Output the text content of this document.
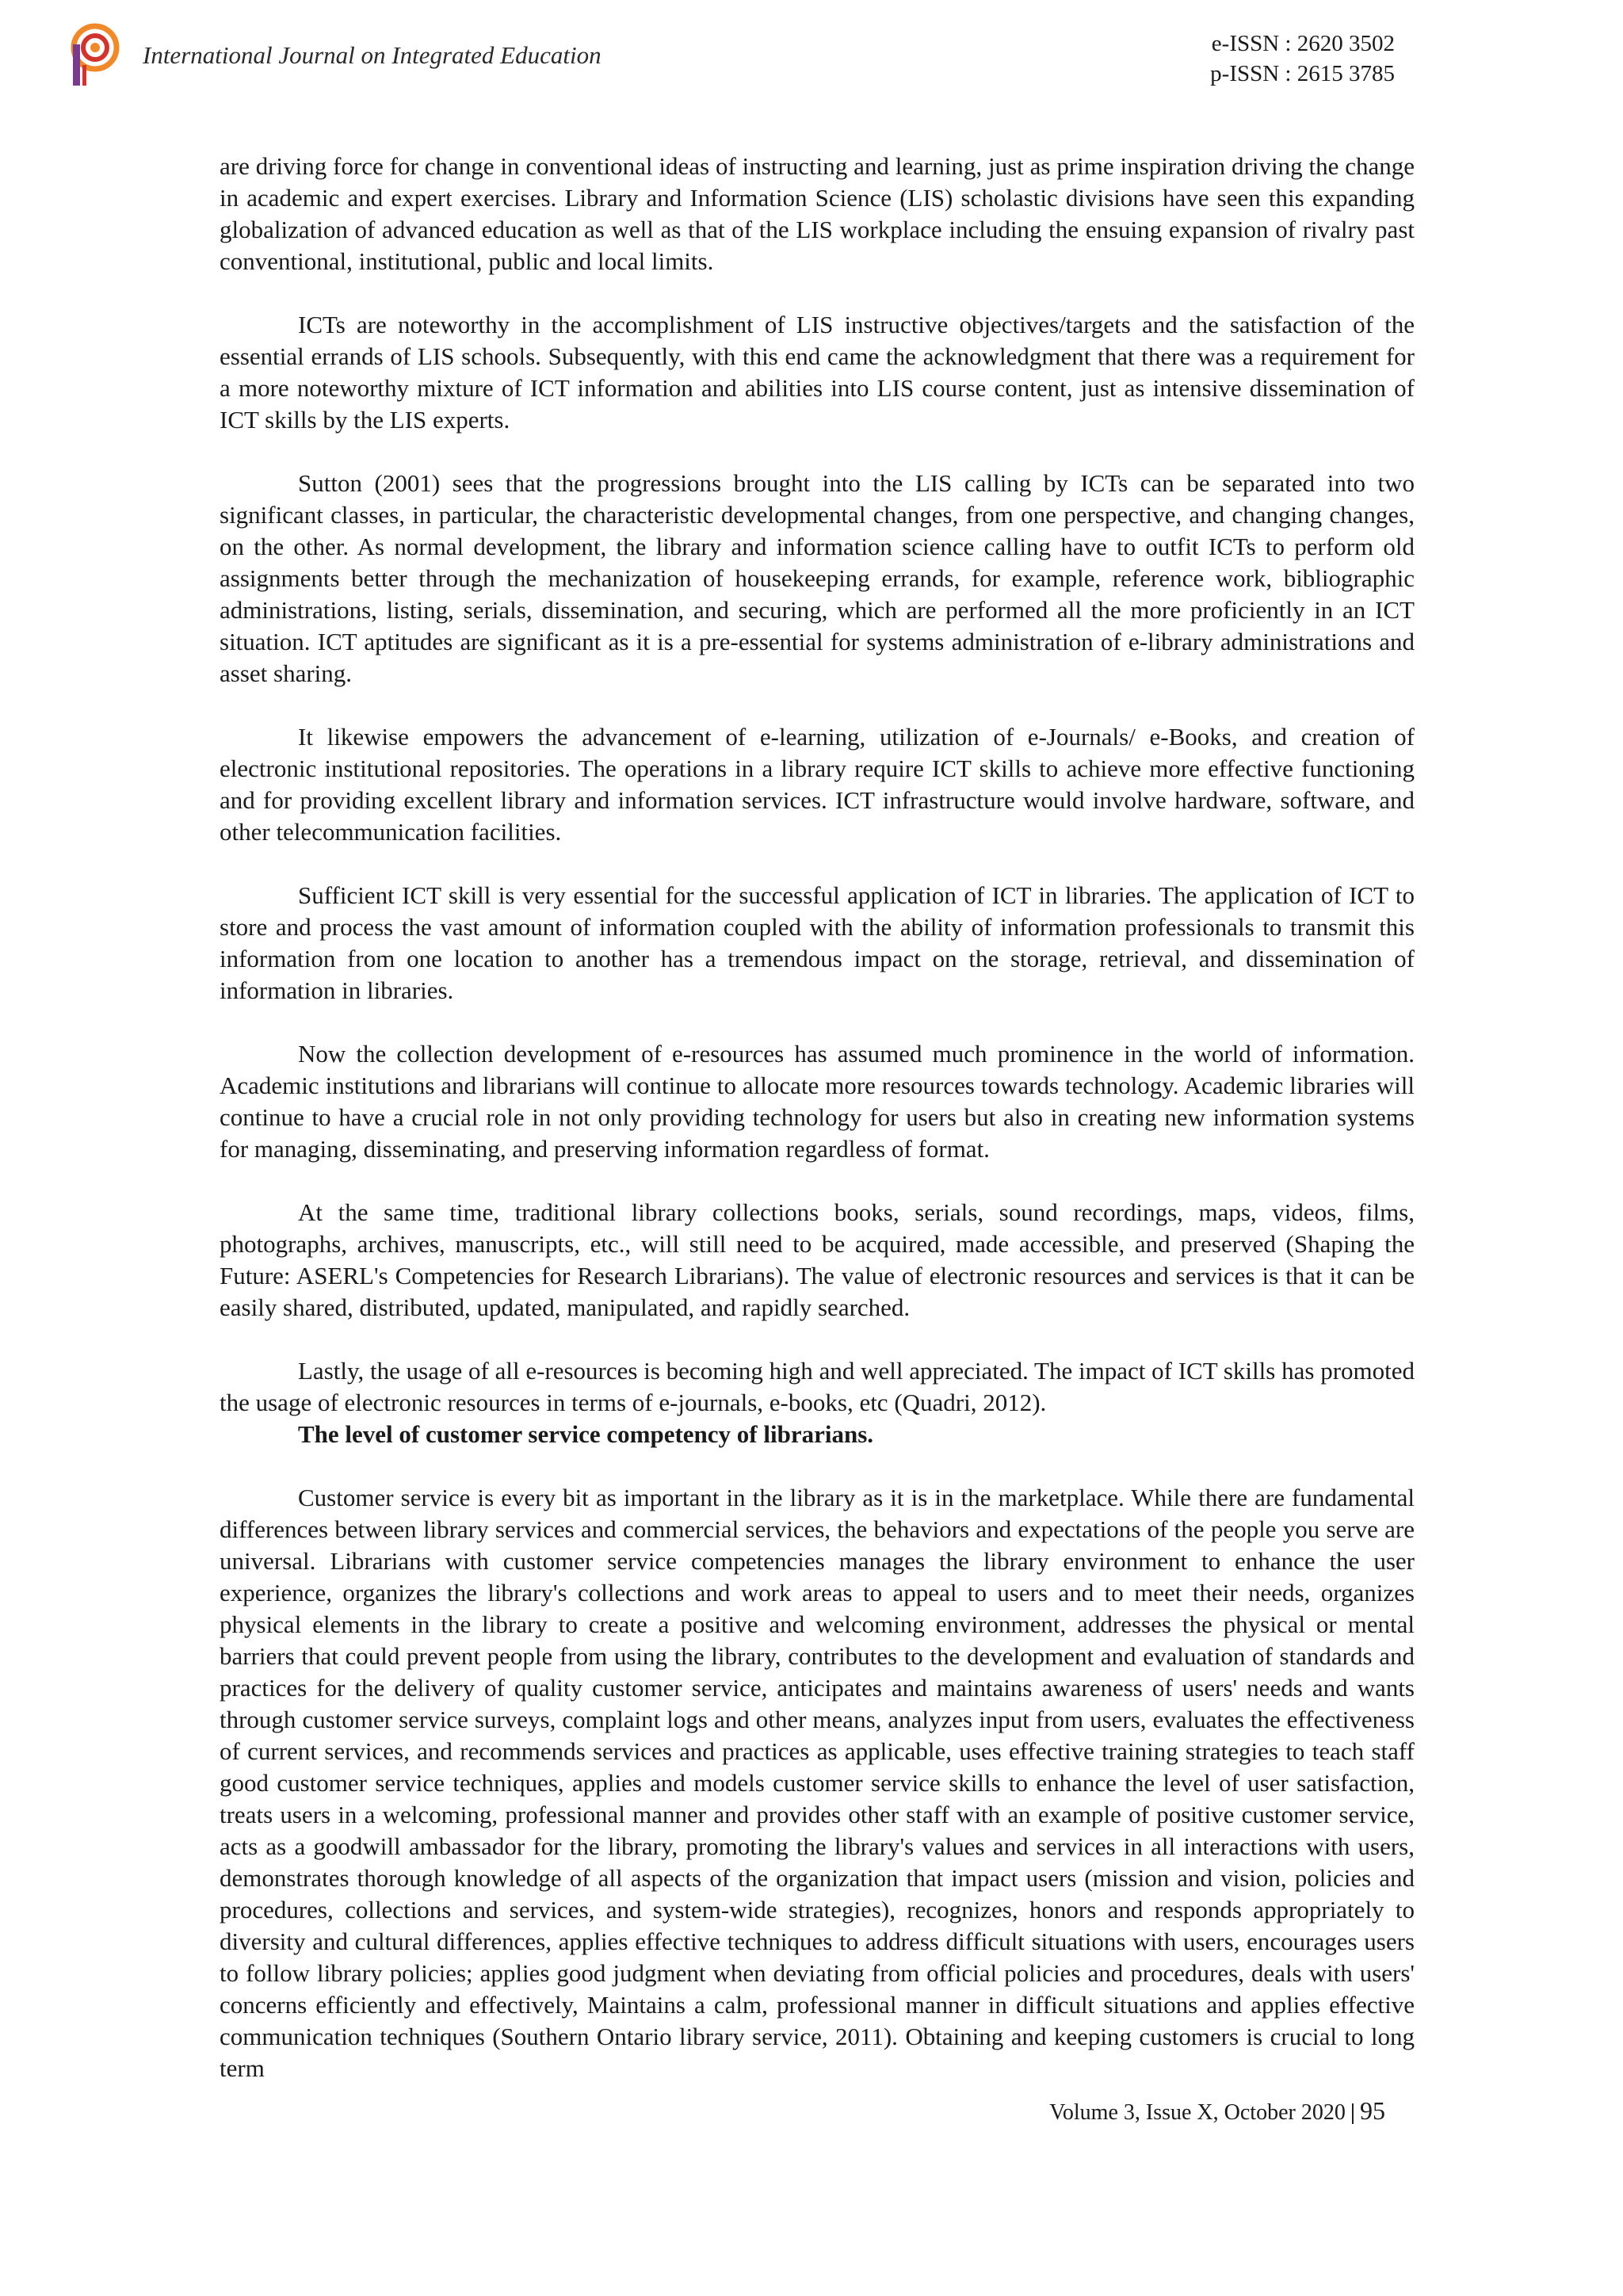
International Journal on Integrated Education	e-ISSN : 2620 3502
p-ISSN : 2615 3785

are driving force for change in conventional ideas of instructing and learning, just as prime inspiration driving the change in academic and expert exercises. Library and Information Science (LIS) scholastic divisions have seen this expanding globalization of advanced education as well as that of the LIS workplace including the ensuing expansion of rivalry past conventional, institutional, public and local limits.

ICTs are noteworthy in the accomplishment of LIS instructive objectives/targets and the satisfaction of the essential errands of LIS schools. Subsequently, with this end came the acknowledgment that there was a requirement for a more noteworthy mixture of ICT information and abilities into LIS course content, just as intensive dissemination of ICT skills by the LIS experts.

Sutton (2001) sees that the progressions brought into the LIS calling by ICTs can be separated into two significant classes, in particular, the characteristic developmental changes, from one perspective, and changing changes, on the other. As normal development, the library and information science calling have to outfit ICTs to perform old assignments better through the mechanization of housekeeping errands, for example, reference work, bibliographic administrations, listing, serials, dissemination, and securing, which are performed all the more proficiently in an ICT situation. ICT aptitudes are significant as it is a pre-essential for systems administration of e-library administrations and asset sharing.

It likewise empowers the advancement of e-learning, utilization of e-Journals/ e-Books, and creation of electronic institutional repositories. The operations in a library require ICT skills to achieve more effective functioning and for providing excellent library and information services. ICT infrastructure would involve hardware, software, and other telecommunication facilities.

Sufficient ICT skill is very essential for the successful application of ICT in libraries. The application of ICT to store and process the vast amount of information coupled with the ability of information professionals to transmit this information from one location to another has a tremendous impact on the storage, retrieval, and dissemination of information in libraries.

Now the collection development of e-resources has assumed much prominence in the world of information. Academic institutions and librarians will continue to allocate more resources towards technology. Academic libraries will continue to have a crucial role in not only providing technology for users but also in creating new information systems for managing, disseminating, and preserving information regardless of format.

At the same time, traditional library collections books, serials, sound recordings, maps, videos, films, photographs, archives, manuscripts, etc., will still need to be acquired, made accessible, and preserved (Shaping the Future: ASERL's Competencies for Research Librarians). The value of electronic resources and services is that it can be easily shared, distributed, updated, manipulated, and rapidly searched.

Lastly, the usage of all e-resources is becoming high and well appreciated. The impact of ICT skills has promoted the usage of electronic resources in terms of e-journals, e-books, etc (Quadri, 2012).

The level of customer service competency of librarians.

Customer service is every bit as important in the library as it is in the marketplace. While there are fundamental differences between library services and commercial services, the behaviors and expectations of the people you serve are universal. Librarians with customer service competencies manages the library environment to enhance the user experience, organizes the library's collections and work areas to appeal to users and to meet their needs, organizes physical elements in the library to create a positive and welcoming environment, addresses the physical or mental barriers that could prevent people from using the library, contributes to the development and evaluation of standards and practices for the delivery of quality customer service, anticipates and maintains awareness of users' needs and wants through customer service surveys, complaint logs and other means, analyzes input from users, evaluates the effectiveness of current services, and recommends services and practices as applicable, uses effective training strategies to teach staff good customer service techniques, applies and models customer service skills to enhance the level of user satisfaction, treats users in a welcoming, professional manner and provides other staff with an example of positive customer service, acts as a goodwill ambassador for the library, promoting the library's values and services in all interactions with users, demonstrates thorough knowledge of all aspects of the organization that impact users (mission and vision, policies and procedures, collections and services, and system-wide strategies), recognizes, honors and responds appropriately to diversity and cultural differences, applies effective techniques to address difficult situations with users, encourages users to follow library policies; applies good judgment when deviating from official policies and procedures, deals with users' concerns efficiently and effectively, Maintains a calm, professional manner in difficult situations and applies effective communication techniques (Southern Ontario library service, 2011). Obtaining and keeping customers is crucial to long term

Volume 3, Issue X, October 2020 | 95
